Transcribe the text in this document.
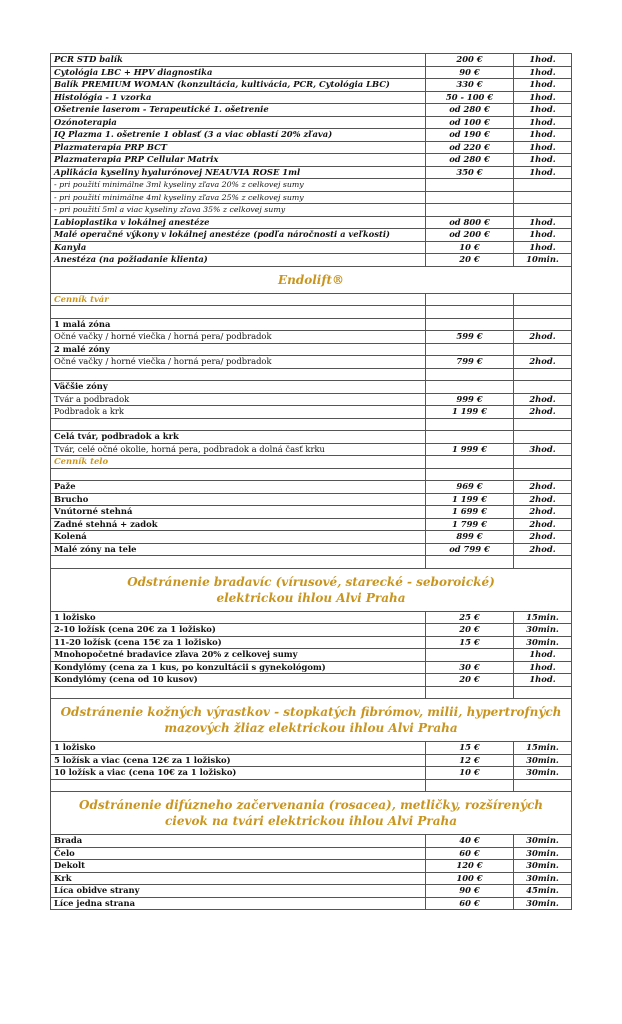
PCR STD balík	200 €	1hod.
Cytológia LBC + HPV diagnostika	90 €	1hod.
Balík PREMIUM WOMAN (konzultácia, kultivácia, PCR, Cytológia LBC)	330 €	1hod.
Histológia - 1 vzorka	50 - 100 €	1hod.
Ošetrenie laserom - Terapeutické 1. ošetrenie	od 280 €	1hod.
Ozónoterapia	od 100 €	1hod.
IQ Plazma 1. ošetrenie 1 oblasť (3 a viac oblastí 20% zľava)	od 190 €	1hod.
Plazmaterapia PRP BCT	od 220 €	1hod.
Plazmaterapia PRP Cellular Matrix	od 280 €	1hod.
Aplikácia kyseliny hyalurónovej NEAUVIA ROSE 1ml	350 €	1hod.
- pri použití minimálne 3ml kyseliny zľava 20% z celkovej sumy		
- pri použití minimálne 4ml kyseliny zľava 25% z celkovej sumy		
- pri použití 5ml a viac kyseliny zľava 35% z celkovej sumy		
Labioplastika v lokálnej anestéze	od 800 €	1hod.
Malé operačné výkony v lokálnej anestéze (podľa náročnosti a veľkosti)	od 200 €	1hod.
Kanyla	10 €	1hod.
Anestéza (na požiadanie klienta)	20 €	10min.

Endolift®		

Cenník tvár		

1 malá zóna		
Očné vačky / horné viečka / horná pera/ podbradok	599 €	2hod.
2 malé zóny		
Očné vačky / horné viečka / horná pera/ podbradok	799 €	2hod.

Väčšie zóny		
Tvár a podbradok	999 €	2hod.
Podbradok a krk	1 199 €	2hod.

Celá tvár, podbradok a krk		
Tvár, celé očné okolie, horná pera, podbradok a dolná časť krku	1 999 €	3hod.
Cenník telo		

Paže	969 €	2hod.
Brucho	1 199 €	2hod.
Vnútorné stehná	1 699 €	2hod.
Zadné stehná + zadok	1 799 €	2hod.
Kolená	899 €	2hod.
Malé zóny na tele	od 799 €	2hod.

Odstránenie bradavíc (vírusové, starecké - seboroické)
elektrickou ihlou Alvi Praha		

1 ložisko	25 €	15min.
2-10 ložísk (cena 20€ za 1 ložisko)	20 €	30min.
11-20 ložísk (cena 15€ za 1 ložisko)	15 €	30min.
Mnohopočetné bradavice zľava 20% z celkovej sumy		1hod.
Kondylómy (cena za 1 kus, po konzultácii s gynekológom)	30 €	1hod.
Kondylómy (cena od 10 kusov)	20 €	1hod.

Odstránenie kožných výrastkov - stopkatých fibrómov, milii, hypertrofných
mazových žliaz elektrickou ihlou Alvi Praha		

1 ložisko	15 €	15min.
5 ložísk a viac (cena 12€ za 1 ložisko)	12 €	30min.
10 ložísk a viac (cena 10€ za 1 ložisko)	10 €	30min.

Odstránenie difúzneho začervenania (rosacea), metličky, rozšírených
cievok na tvári elektrickou ihlou Alvi Praha		

Brada	40 €	30min.
Čelo	60 €	30min.
Dekolt	120 €	30min.
Krk	100 €	30min.
Líca obidve strany	90 €	45min.
Líce jedna strana	60 €	30min.
